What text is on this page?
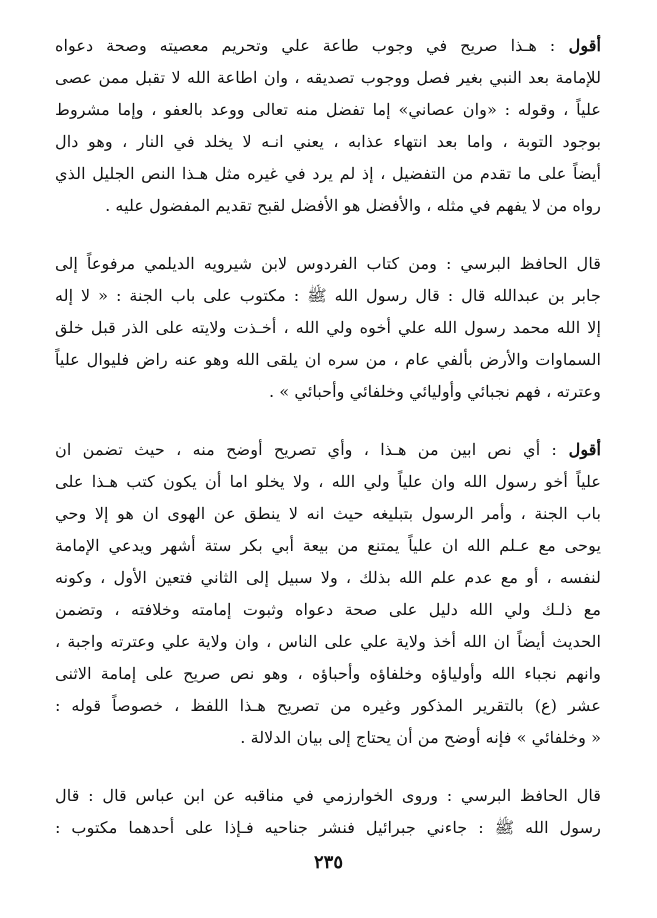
أقول : هـذا صريح في وجوب طاعة علي وتحريم معصيته وصحة دعواه
للإمامة بعد النبي بغير فصل ووجوب تصديقه ، وان اطاعة الله لا تقبل ممن عصى
علياً ، وقوله : «وان عصاني» إما تفضل منه تعالى ووعد بالعفو ، وإما مشروط
بوجود التوبة ، واما بعد انتهاء عذابه ، يعني انـه لا يخلد في النار ، وهو دال
أيضاً على ما تقدم من التفضيل ، إذ لم يرد في غيره مثل هـذا النص الجليل الذي
رواه من لا يفهم في مثله ، والأفضل هو الأفضل لقبح تقديم المفضول عليه .
قال الحافظ البرسي : ومن كتاب الفردوس لابن شيرويه الديلمي مرفوعاً إلى
جابر بن عبدالله قال : قال رسول الله ﷺ : مكتوب على باب الجنة : « لا إله
إلا الله محمد رسول الله علي أخوه ولي الله ، أخـذت ولايته على الذر قبل خلق
السماوات والأرض بألفي عام ، من سره ان يلقى الله وهو عنه راض فليوال علياً
وعترته ، فهم نجبائي وأوليائي وخلفائي وأحبائي » .
أقول : أي نص ابين من هـذا ، وأي تصريح أوضح منه ، حيث تضمن ان
علياً أخو رسول الله وان علياً ولي الله ، ولا يخلو اما أن يكون كتب هـذا على
باب الجنة ، وأمر الرسول بتبليغه حيث انه لا ينطق عن الهوى ان هو إلا وحي
يوحى مع عـلم الله ان علياً يمتنع من بيعة أبي بكر ستة أشهر ويدعي الإمامة
لنفسه ، أو مع عدم علم الله بذلك ، ولا سبيل إلى الثاني فتعين الأول ، وكونه
مع ذلـك ولي الله دليل على صحة دعواه وثبوت إمامته وخلافته ، وتضمن
الحديث أيضاً ان الله أخذ ولاية علي على الناس ، وان ولاية علي وعترته واجبة ،
وانهم نجباء الله وأولياؤه وخلفاؤه وأحباؤه ، وهو نص صريح على إمامة الاثنى
عشر (ع) بالتقرير المذكور وغيره من تصريح هـذا اللفظ ، خصوصاً قوله :
« وخلفائي » فإنه أوضح من أن يحتاج إلى بيان الدلالة .
قال الحافظ البرسي : وروى الخوارزمي في مناقبه عن ابن عباس قال : قال
رسول الله ﷺ : جاءني جبرائيل فنشر جناحيه فـإذا على أحدهما مكتوب :
٢٣٥
